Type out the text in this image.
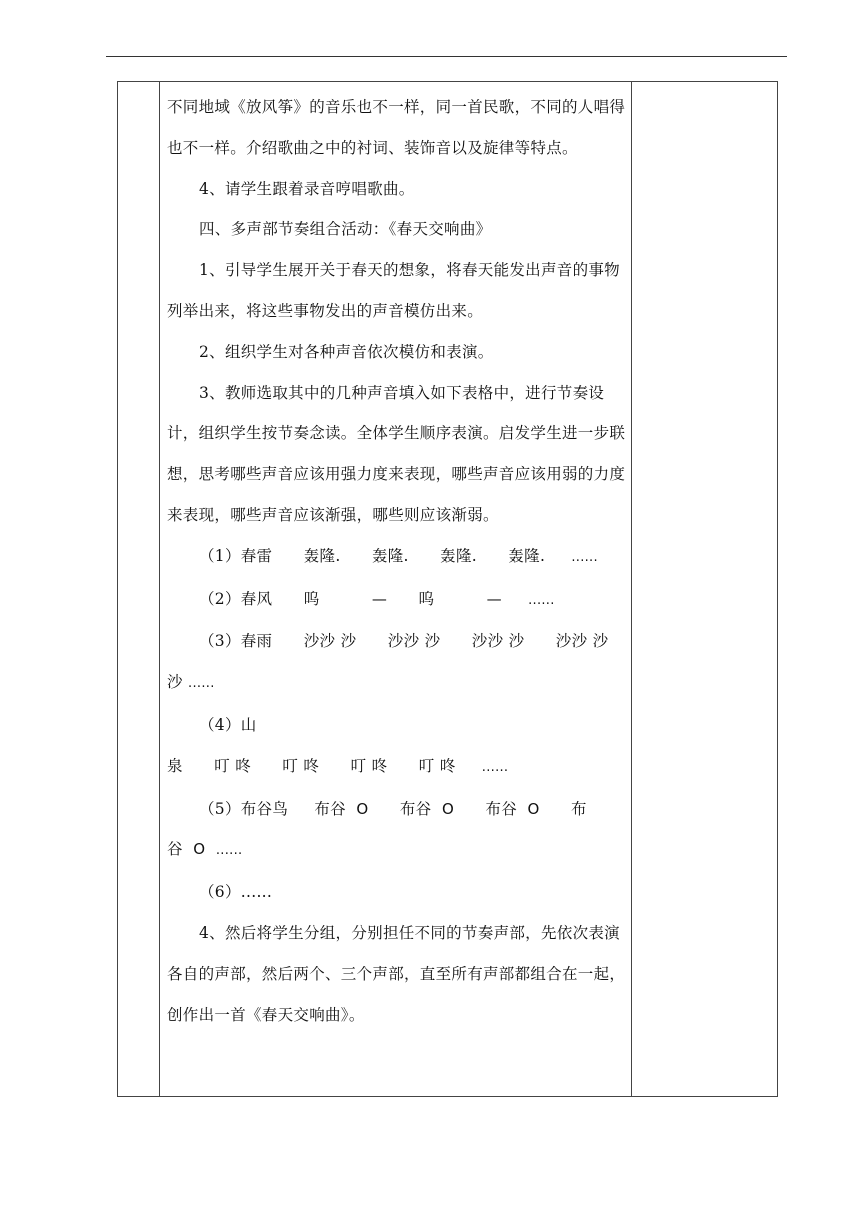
不同地域《放风筝》的音乐也不一样，同一首民歌，不同的人唱得也不一样。介绍歌曲之中的衬词、装饰音以及旋律等特点。

4、请学生跟着录音哼唱歌曲。

四、多声部节奏组合活动：《春天交响曲》

1、引导学生展开关于春天的想象，将春天能发出声音的事物列举出来，将这些事物发出的声音模仿出来。

2、组织学生对各种声音依次模仿和表演。

3、教师选取其中的几种声音填入如下表格中，进行节奏设计，组织学生按节奏念读。全体学生顺序表演。启发学生进一步联想，思考哪些声音应该用强力度来表现，哪些声音应该用弱的力度来表现，哪些声音应该渐强，哪些则应该渐弱。

（1）春雷 轰隆. 轰隆. 轰隆. 轰隆. ......

（2）春风 呜	— 呜	— ......

（3）春雨 沙沙 沙 沙沙 沙 沙沙 沙 沙沙 沙  沙 ......

（4）山

泉 叮 咚 叮 咚 叮 咚 叮 咚 ......

（5）布谷鸟 布谷 O 布谷 O 布谷 O 布

谷 O ......

（6）......

4、然后将学生分组，分别担任不同的节奏声部，先依次表演各自的声部，然后两个、三个声部，直至所有声部都组合在一起，创作出一首《春天交响曲》。
